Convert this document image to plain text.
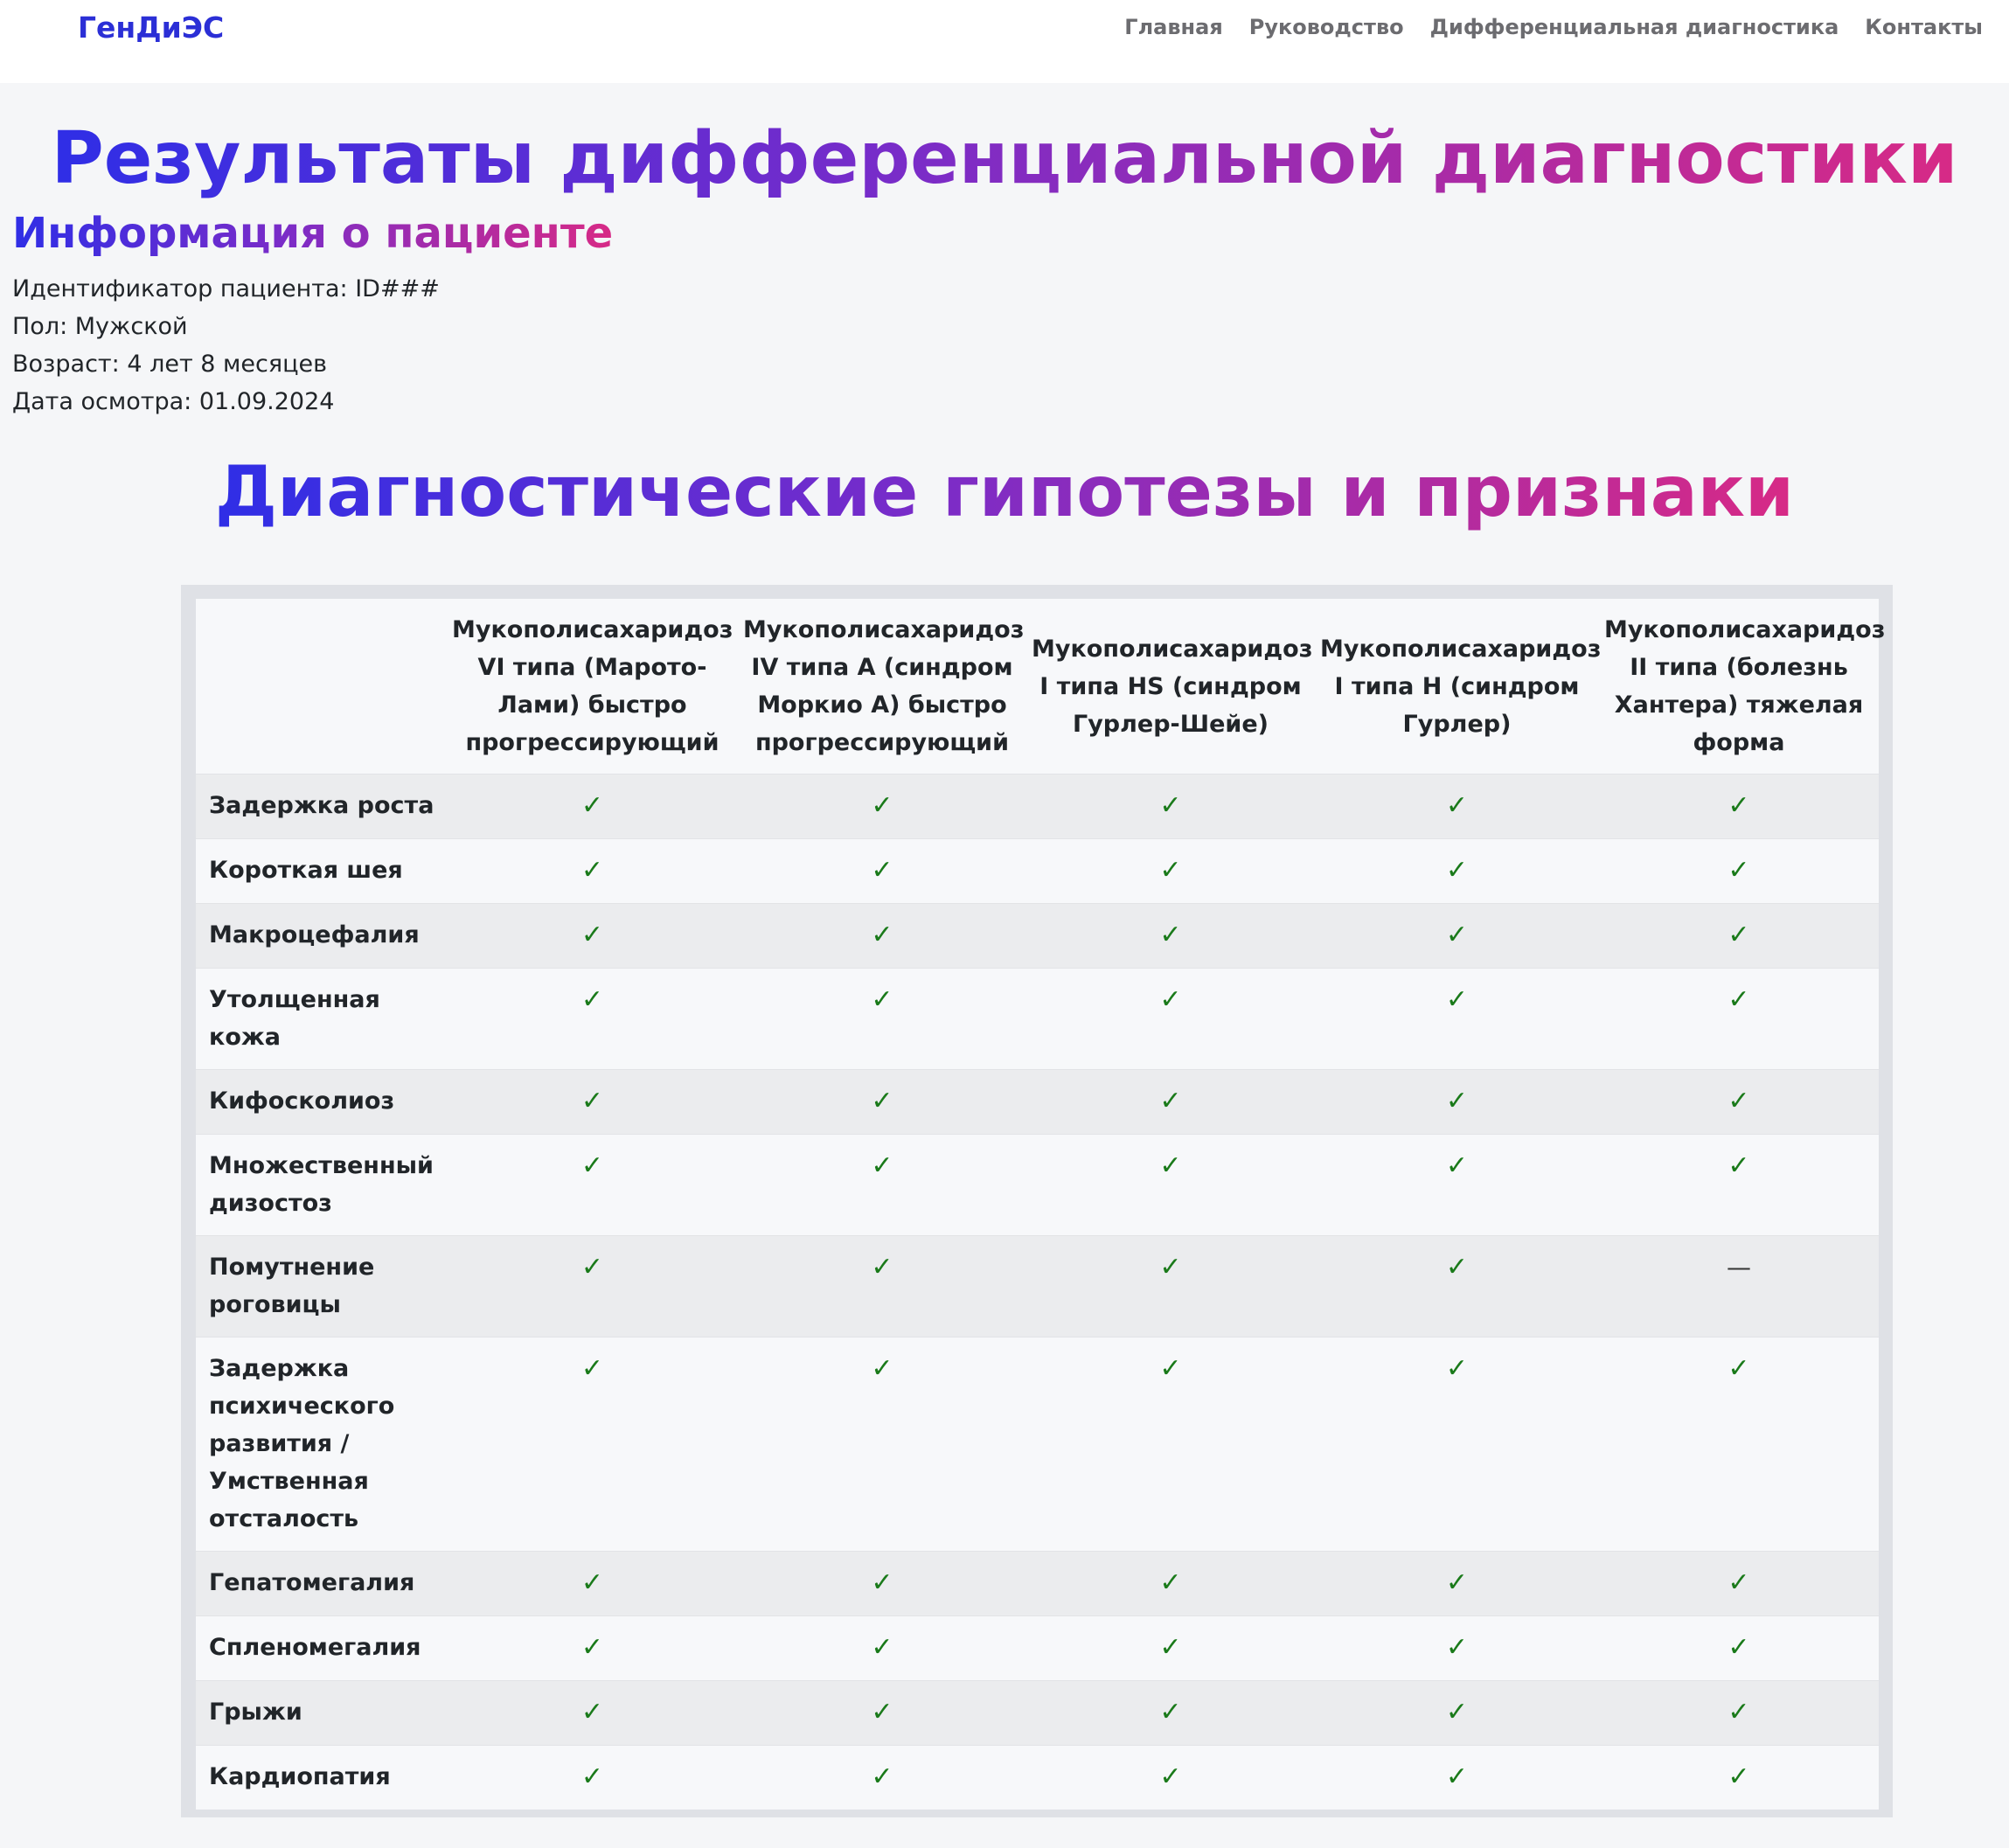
ГенДиЭС	Главная Руководство Дифференциальная диагностика Контакты
Результаты дифференциальной диагностики
Информация о пациенте
Идентификатор пациента: ID###
Пол: Мужской
Возраст: 4 лет 8 месяцев
Дата осмотра: 01.09.2024
Диагностические гипотезы и признаки
	Мукополисахаридоз VI типа (Марото-Лами) быстро прогрессирующий	Мукополисахаридоз IV типа А (синдром Моркио А) быстро прогрессирующий	Мукополисахаридоз I типа HS (синдром Гурлер-Шейе)	Мукополисахаридоз I типа H (синдром Гурлер)	Мукополисахаридоз II типа (болезнь Хантера) тяжелая форма
Задержка роста	✓	✓	✓	✓	✓
Короткая шея	✓	✓	✓	✓	✓
Макроцефалия	✓	✓	✓	✓	✓
Утолщенная кожа	✓	✓	✓	✓	✓
Кифосколиоз	✓	✓	✓	✓	✓
Множественный дизостоз	✓	✓	✓	✓	✓
Помутнение роговицы	✓	✓	✓	✓	—
Задержка психического развития / Умственная отсталость	✓	✓	✓	✓	✓
Гепатомегалия	✓	✓	✓	✓	✓
Спленомегалия	✓	✓	✓	✓	✓
Грыжи	✓	✓	✓	✓	✓
Кардиопатия	✓	✓	✓	✓	✓
